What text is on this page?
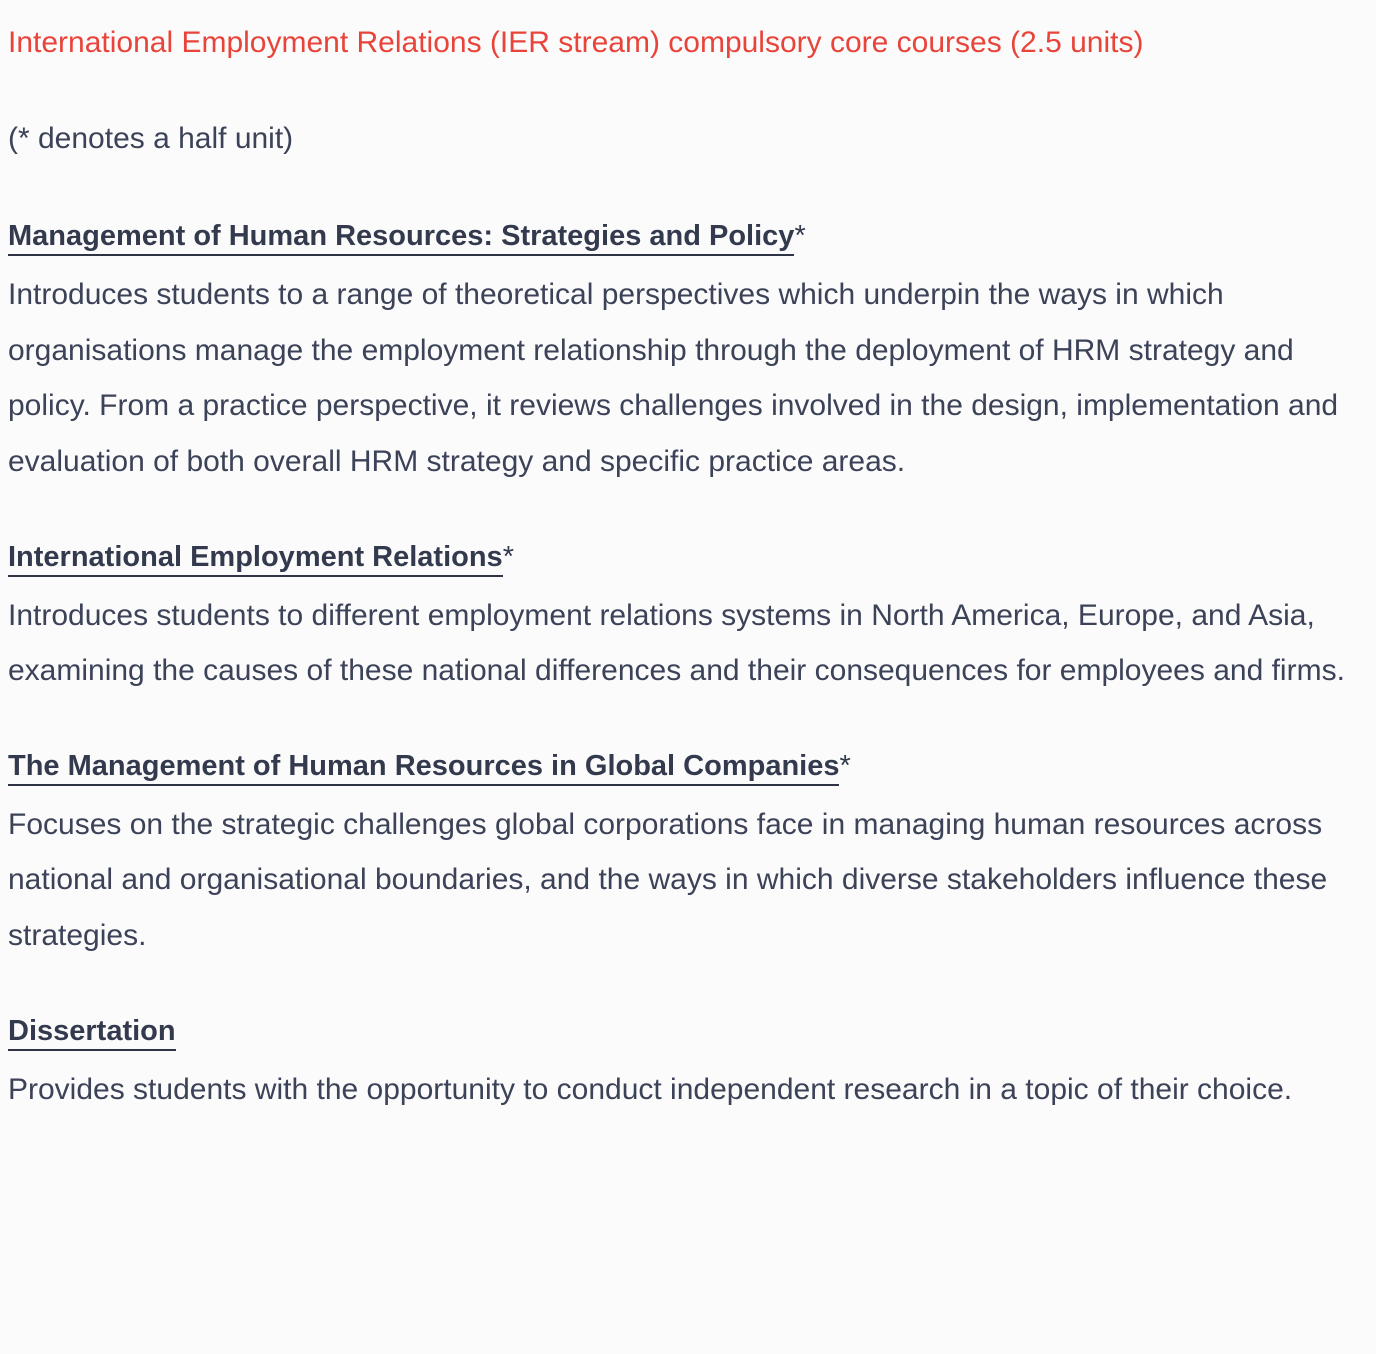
International Employment Relations (IER stream) compulsory core courses (2.5 units)

(* denotes a half unit)

Management of Human Resources: Strategies and Policy*

Introduces students to a range of theoretical perspectives which underpin the ways in which organisations manage the employment relationship through the deployment of HRM strategy and policy. From a practice perspective, it reviews challenges involved in the design, implementation and evaluation of both overall HRM strategy and specific practice areas.

International Employment Relations*

Introduces students to different employment relations systems in North America, Europe, and Asia, examining the causes of these national differences and their consequences for employees and firms.

The Management of Human Resources in Global Companies*

Focuses on the strategic challenges global corporations face in managing human resources across national and organisational boundaries, and the ways in which diverse stakeholders influence these strategies.

Dissertation

Provides students with the opportunity to conduct independent research in a topic of their choice.
